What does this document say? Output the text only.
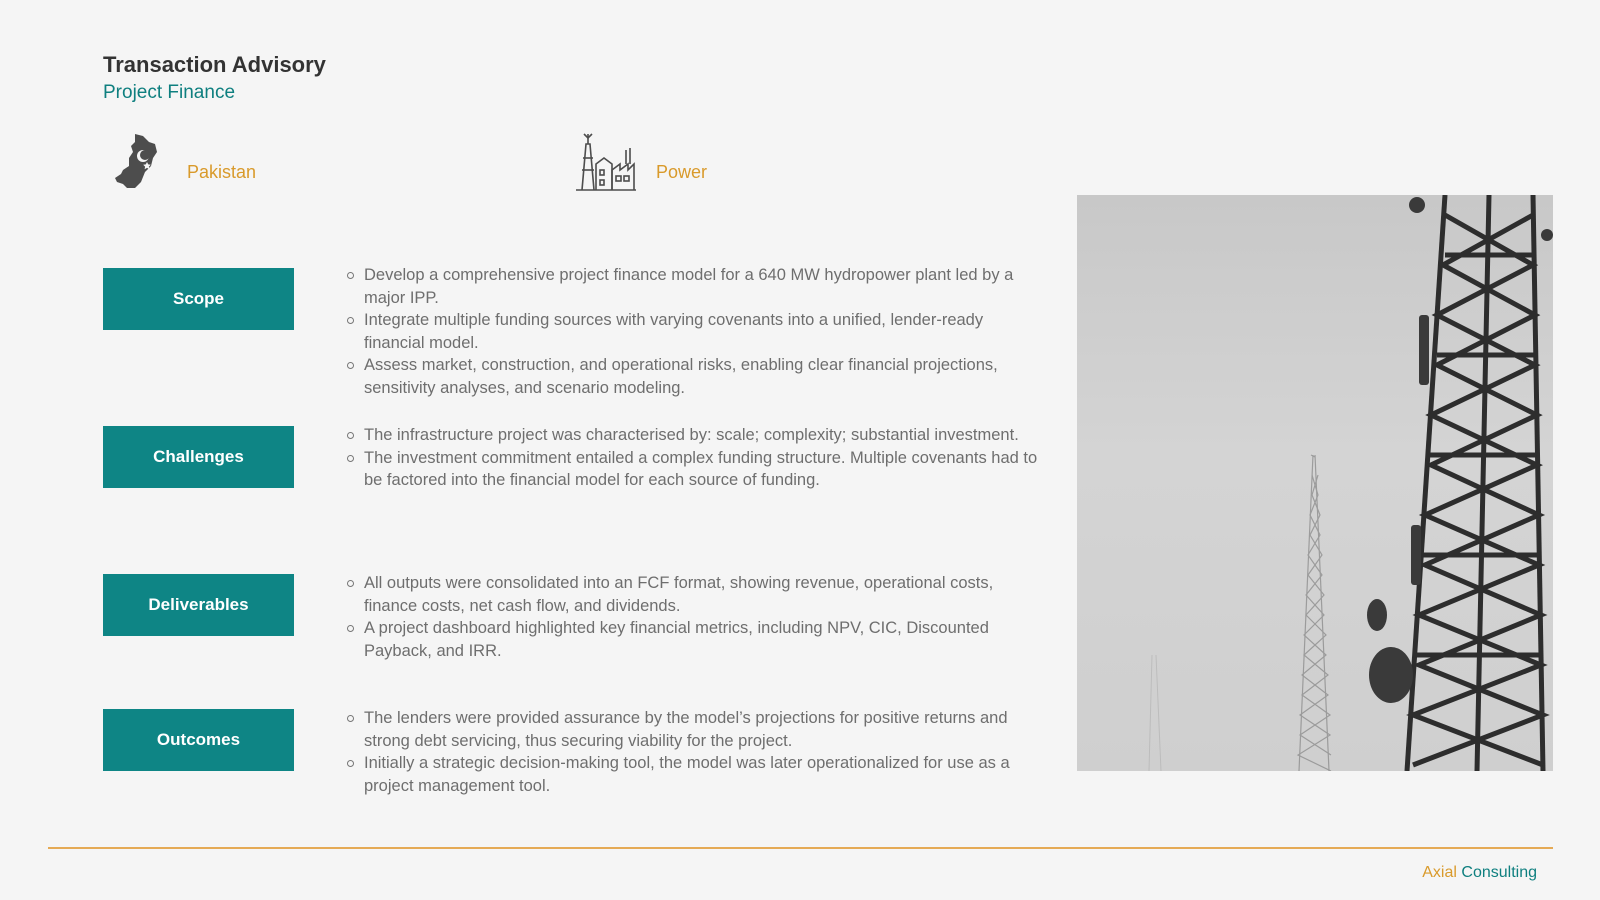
Transaction Advisory
Project Finance
Pakistan	Power
Scope
Develop a comprehensive project finance model for a 640 MW hydropower plant led by a major IPP.
Integrate multiple funding sources with varying covenants into a unified, lender-ready financial model.
Assess market, construction, and operational risks, enabling clear financial projections, sensitivity analyses, and scenario modeling.
Challenges
The infrastructure project was characterised by: scale; complexity; substantial investment.
The investment commitment entailed a complex funding structure. Multiple covenants had to be factored into the financial model for each source of funding.
Deliverables
All outputs were consolidated into an FCF format, showing revenue, operational costs, finance costs, net cash flow, and dividends.
A project dashboard highlighted key financial metrics, including NPV, CIC, Discounted Payback, and IRR.
Outcomes
The lenders were provided assurance by the model’s projections for positive returns and strong debt servicing, thus securing viability for the project.
Initially a strategic decision-making tool, the model was later operationalized for use as a project management tool.
Axial Consulting
